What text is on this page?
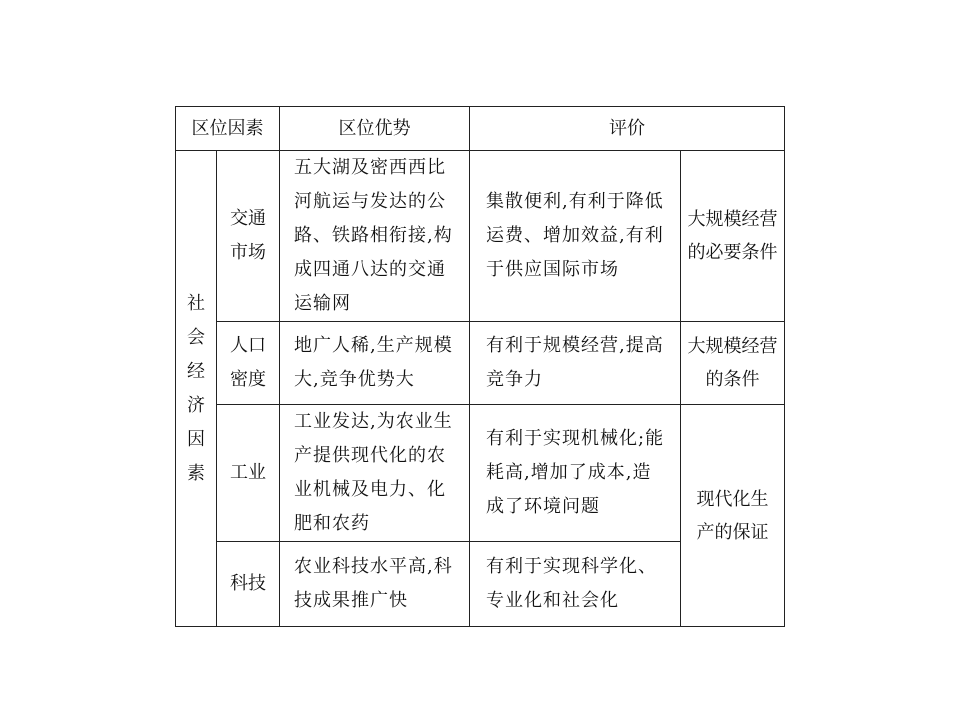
区位因素		区位优势	评价	

社会经济因素	交通市场	五大湖及密西西比河航运与发达的公路、铁路相衔接,构成四通八达的交通运输网	集散便利,有利于降低运费、增加效益,有利于供应国际市场	大规模经营的必要条件

	人口密度	地广人稀,生产规模大,竞争优势大	有利于规模经营,提高竞争力	大规模经营的条件

	工业	工业发达,为农业生产提供现代化的农业机械及电力、化肥和农药	有利于实现机械化;能耗高,增加了成本,造成了环境问题	现代化生产的保证

	科技	农业科技水平高,科技成果推广快	有利于实现科学化、专业化和社会化	
